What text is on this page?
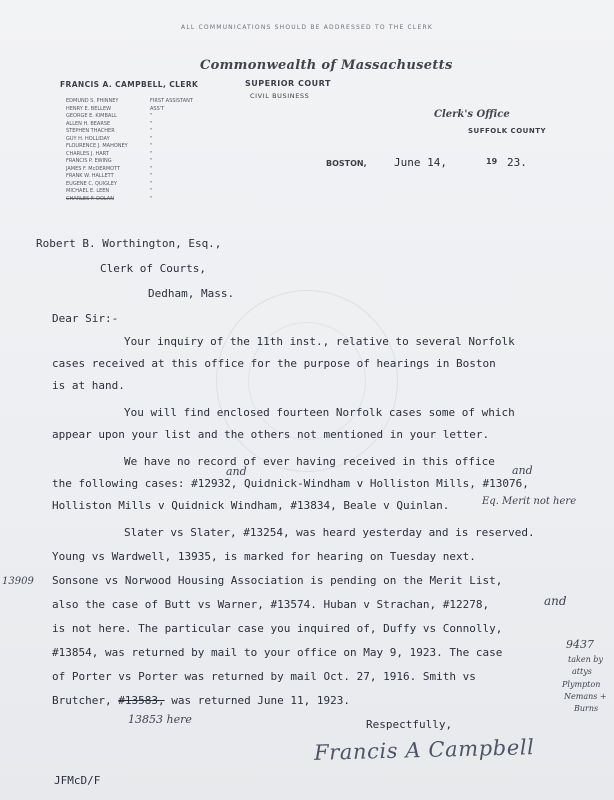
ALL COMMUNICATIONS SHOULD BE ADDRESSED TO THE CLERK
Commonwealth of Massachusetts
FRANCIS A. CAMPBELL, CLERK	SUPERIOR COURT
CIVIL BUSINESS
Clerk's Office
SUFFOLK COUNTY
EDMUND S. PHINNEY	FIRST ASSISTANT
HENRY E. BELLEW	ASS'T
GEORGE E. KIMBALL	"
ALLEN H. BEARSE	"
STEPHEN THACHER	"
GUY H. HOLLIDAY	"
FLOURENCE J. MAHONEY	"
CHARLES J. HART	"
FRANCIS P. EWING	"
JAMES F. McDERMOTT	"
FRANK W. HALLETT	"
EUGENE C. QUIGLEY	"
MICHAEL E. LEEN	"
CHARLES F. DOLAN	"
BOSTON, June 14,	19 23.
Robert B. Worthington, Esq.,
Clerk of Courts,
Dedham, Mass.
Dear Sir:-
Your inquiry of the 11th inst., relative to several Norfolk
cases received at this office for the purpose of hearings in Boston
is at hand.
You will find enclosed fourteen Norfolk cases some of which
appear upon your list and the others not mentioned in your letter.
We have no record of ever having received in this office
and	and
the following cases: #12932, Quidnick-Windham v Holliston Mills, #13076,
Holliston Mills v Quidnick Windham, #13834, Beale v Quinlan.	Eq. Merit not here
Slater vs Slater, #13254, was heard yesterday and is reserved.
Young vs Wardwell, 13935, is marked for hearing on Tuesday next.
13909 Sonsone vs Norwood Housing Association is pending on the Merit List,
also the case of Butt vs Warner, #13574. Huban v Strachan, #12278,	and
is not here. The particular case you inquired of, Duffy vs Connolly,
#13854, was returned by mail to your office on May 9, 1923. The case
9437
taken by
attys
Plympton
Nemans +
Burns
of Porter vs Porter was returned by mail Oct. 27, 1916. Smith vs
Brutcher, #13583, was returned June 11, 1923.
13853 here	Respectfully,
Francis A Campbell
JFMcD/F
